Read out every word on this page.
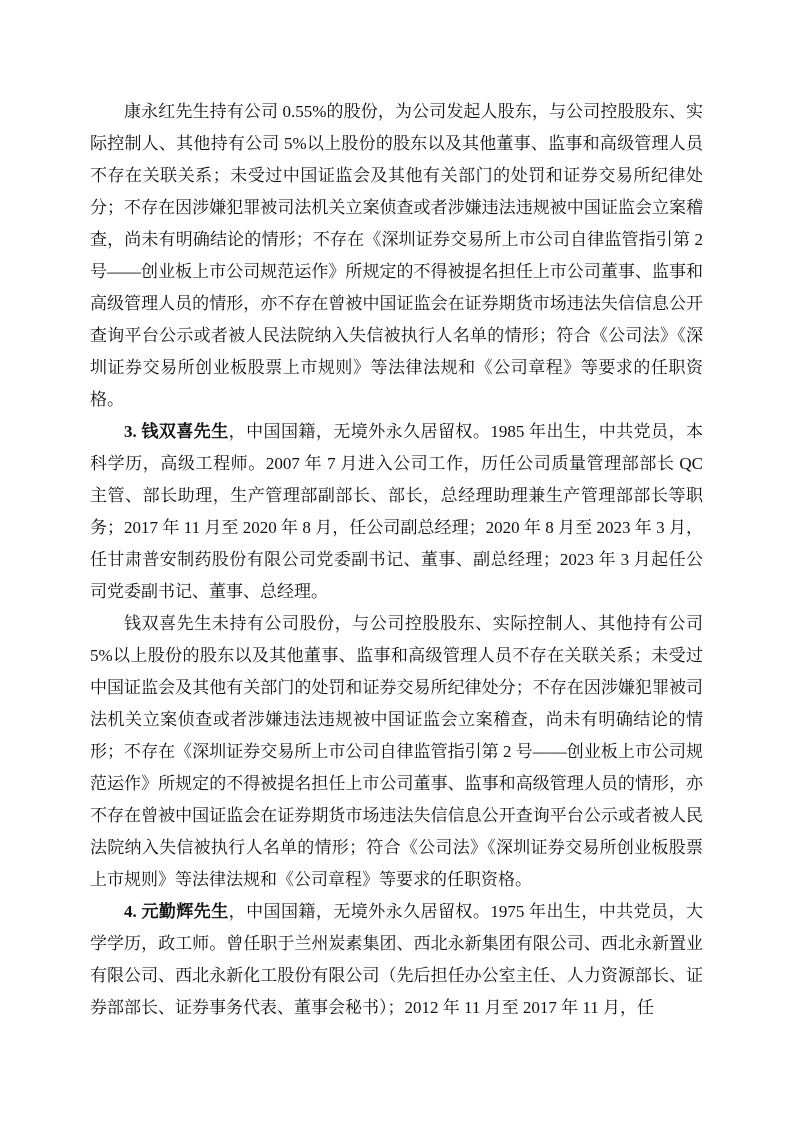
康永红先生持有公司 0.55%的股份，为公司发起人股东，与公司控股股东、实际控制人、其他持有公司 5%以上股份的股东以及其他董事、监事和高级管理人员不存在关联关系；未受过中国证监会及其他有关部门的处罚和证券交易所纪律处分；不存在因涉嫌犯罪被司法机关立案侦查或者涉嫌违法违规被中国证监会立案稽查，尚未有明确结论的情形；不存在《深圳证券交易所上市公司自律监管指引第 2 号——创业板上市公司规范运作》所规定的不得被提名担任上市公司董事、监事和高级管理人员的情形，亦不存在曾被中国证监会在证券期货市场违法失信信息公开查询平台公示或者被人民法院纳入失信被执行人名单的情形；符合《公司法》《深圳证券交易所创业板股票上市规则》等法律法规和《公司章程》等要求的任职资格。

3. 钱双喜先生，中国国籍，无境外永久居留权。1985 年出生，中共党员，本科学历，高级工程师。2007 年 7 月进入公司工作，历任公司质量管理部部长 QC 主管、部长助理，生产管理部副部长、部长，总经理助理兼生产管理部部长等职务；2017 年 11 月至 2020 年 8 月，任公司副总经理；2020 年 8 月至 2023 年 3 月，任甘肃普安制药股份有限公司党委副书记、董事、副总经理；2023 年 3 月起任公司党委副书记、董事、总经理。

钱双喜先生未持有公司股份，与公司控股股东、实际控制人、其他持有公司5%以上股份的股东以及其他董事、监事和高级管理人员不存在关联关系；未受过中国证监会及其他有关部门的处罚和证券交易所纪律处分；不存在因涉嫌犯罪被司法机关立案侦查或者涉嫌违法违规被中国证监会立案稽查，尚未有明确结论的情形；不存在《深圳证券交易所上市公司自律监管指引第 2 号——创业板上市公司规范运作》所规定的不得被提名担任上市公司董事、监事和高级管理人员的情形，亦不存在曾被中国证监会在证券期货市场违法失信信息公开查询平台公示或者被人民法院纳入失信被执行人名单的情形；符合《公司法》《深圳证券交易所创业板股票上市规则》等法律法规和《公司章程》等要求的任职资格。

4. 元勤辉先生，中国国籍，无境外永久居留权。1975 年出生，中共党员，大学学历，政工师。曾任职于兰州炭素集团、西北永新集团有限公司、西北永新置业有限公司、西北永新化工股份有限公司（先后担任办公室主任、人力资源部长、证券部部长、证券事务代表、董事会秘书）；2012 年 11 月至 2017 年 11 月，任
